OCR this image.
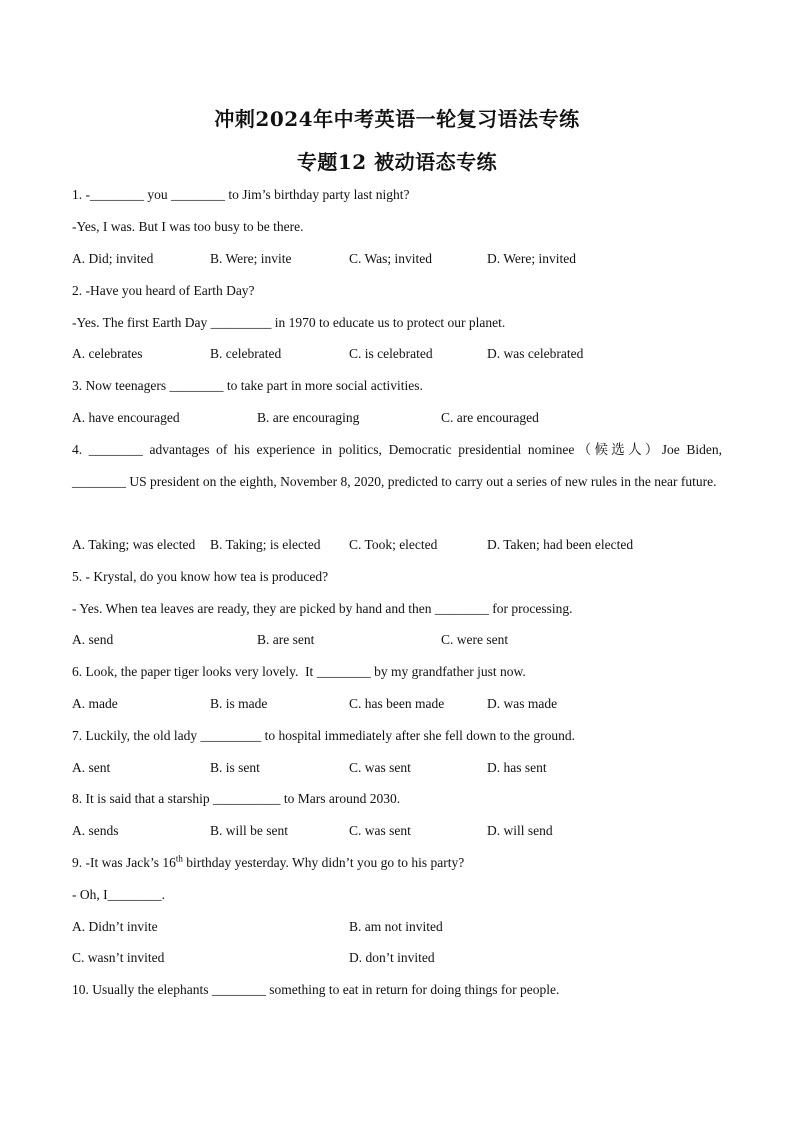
冲刺2024年中考英语一轮复习语法专练
专题12 被动语态专练
1. -________ you ________ to Jim’s birthday party last night?
-Yes, I was. But I was too busy to be there.
A. Did; invited	B. Were; invite	C. Was; invited	D. Were; invited
2. -Have you heard of Earth Day?
-Yes. The first Earth Day _________ in 1970 to educate us to protect our planet.
A. celebrates	B. celebrated	C. is celebrated	D. was celebrated
3. Now teenagers ________ to take part in more social activities.
A. have encouraged	B. are encouraging	C. are encouraged
4. ________ advantages of his experience in politics, Democratic presidential nominee（候选人）Joe Biden, ________ US president on the eighth, November 8, 2020, predicted to carry out a series of new rules in the near future.
A. Taking; was elected B. Taking; is elected C. Took; elected	D. Taken; had been elected
5. - Krystal, do you know how tea is produced?
- Yes. When tea leaves are ready, they are picked by hand and then ________ for processing.
A. send	B. are sent	C. were sent
6. Look, the paper tiger looks very lovely.  It ________ by my grandfather just now.
A. made	B. is made	C. has been made	D. was made
7. Luckily, the old lady _________ to hospital immediately after she fell down to the ground.
A. sent	B. is sent	C. was sent	D. has sent
8. It is said that a starship __________ to Mars around 2030.
A. sends	B. will be sent	C. was sent	D. will send
9. -It was Jack’s 16th birthday yesterday. Why didn’t you go to his party?
- Oh, I________.
A. Didn’t invite	B. am not invited
C. wasn’t invited	D. don’t invited
10. Usually the elephants ________ something to eat in return for doing things for people.
